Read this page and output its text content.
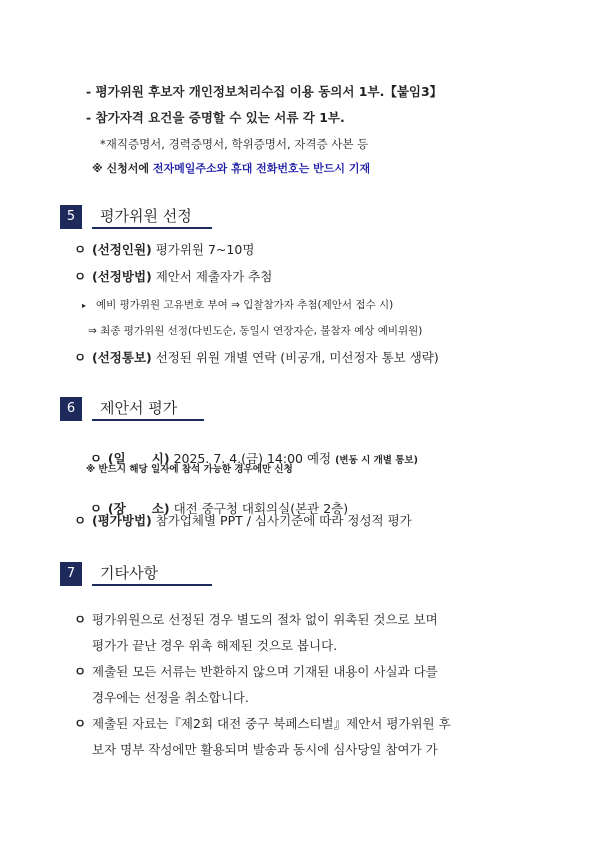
- 평가위원 후보자 개인정보처리수집 이용 동의서 1부.【붙임3】
- 참가자격 요건을 증명할 수 있는 서류 각 1부.
*재직증명서, 경력증명서, 학위증명서, 자격증 사본 등
※ 신청서에 전자메일주소와 휴대 전화번호는 반드시 기재
5	평가위원 선정
ㅇ (선정인원) 평가위원 7~10명
ㅇ (선정방법) 제안서 제출자가 추첨
▸ 예비 평가위원 고유번호 부여 ⇒ 입찰참가자 추첨(제안서 접수 시)
⇒ 최종 평가위원 선정(다빈도순, 동일시 연장자순, 불참자 예상 예비위원)
ㅇ (선정통보) 선정된 위원 개별 연락 (비공개, 미선정자 통보 생략)
6	제안서 평가

ㅇ (일      시) 2025. 7. 4.(금) 14:00 예정 (변동 시 개별 통보)

※ 반드시 해당 일자에 참석 가능한 경우에만 신청

ㅇ (장      소) 대전 중구청 대회의실(본관 2층)

ㅇ (평가방법) 참가업체별 PPT / 심사기준에 따라 정성적 평가
7	기타사항
ㅇ 평가위원으로 선정된 경우 별도의 절차 없이 위촉된 것으로 보며
평가가 끝난 경우 위촉 해제된 것으로 봅니다.
ㅇ 제출된 모든 서류는 반환하지 않으며 기재된 내용이 사실과 다를
경우에는 선정을 취소합니다.
ㅇ 제출된 자료는『제2회 대전 중구 북페스티벌』제안서 평가위원 후
보자 명부 작성에만 활용되며 발송과 동시에 심사당일 참여가 가
